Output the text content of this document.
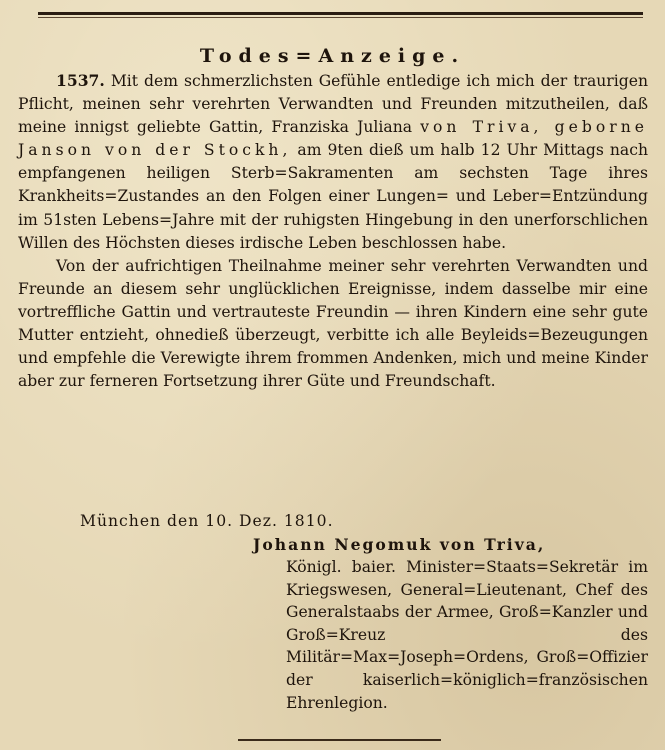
Todes=Anzeige.

1537. Mit dem schmerzlichsten Gefühle entledige ich mich der traurigen Pflicht, meinen sehr verehrten Verwandten und Freunden mitzutheilen, daß meine innigst geliebte Gattin, Franziska Juliana von Triva, geborne Janson von der Stockh, am 9ten dieß um halb 12 Uhr Mittags nach empfangenen heiligen Sterb=Sakramenten am sechsten Tage ihres Krankheits=Zustandes an den Folgen einer Lungen= und Leber=Entzündung im 51sten Lebens=Jahre mit der ruhigsten Hingebung in den unerforschlichen Willen des Höchsten dieses irdische Leben beschlossen habe.

Von der aufrichtigen Theilnahme meiner sehr verehrten Verwandten und Freunde an diesem sehr unglücklichen Ereignisse, indem dasselbe mir eine vortreffliche Gattin und vertrauteste Freundin — ihren Kindern eine sehr gute Mutter entzieht, ohnedieß überzeugt, verbitte ich alle Beyleids=Bezeugungen und empfehle die Verewigte ihrem frommen Andenken, mich und meine Kinder aber zur ferneren Fortsetzung ihrer Güte und Freundschaft.

München den 10. Dez. 1810.
Johann Negomuk von Triva,
Königl. baier. Minister=Staats=Sekretär im Kriegswesen, General=Lieutenant, Chef des Generalstaabs der Armee, Groß=Kanzler und Groß=Kreuz des Militär=Max=Joseph=Ordens, Groß=Offizier der kaiserlich=königlich=französischen Ehrenlegion.
